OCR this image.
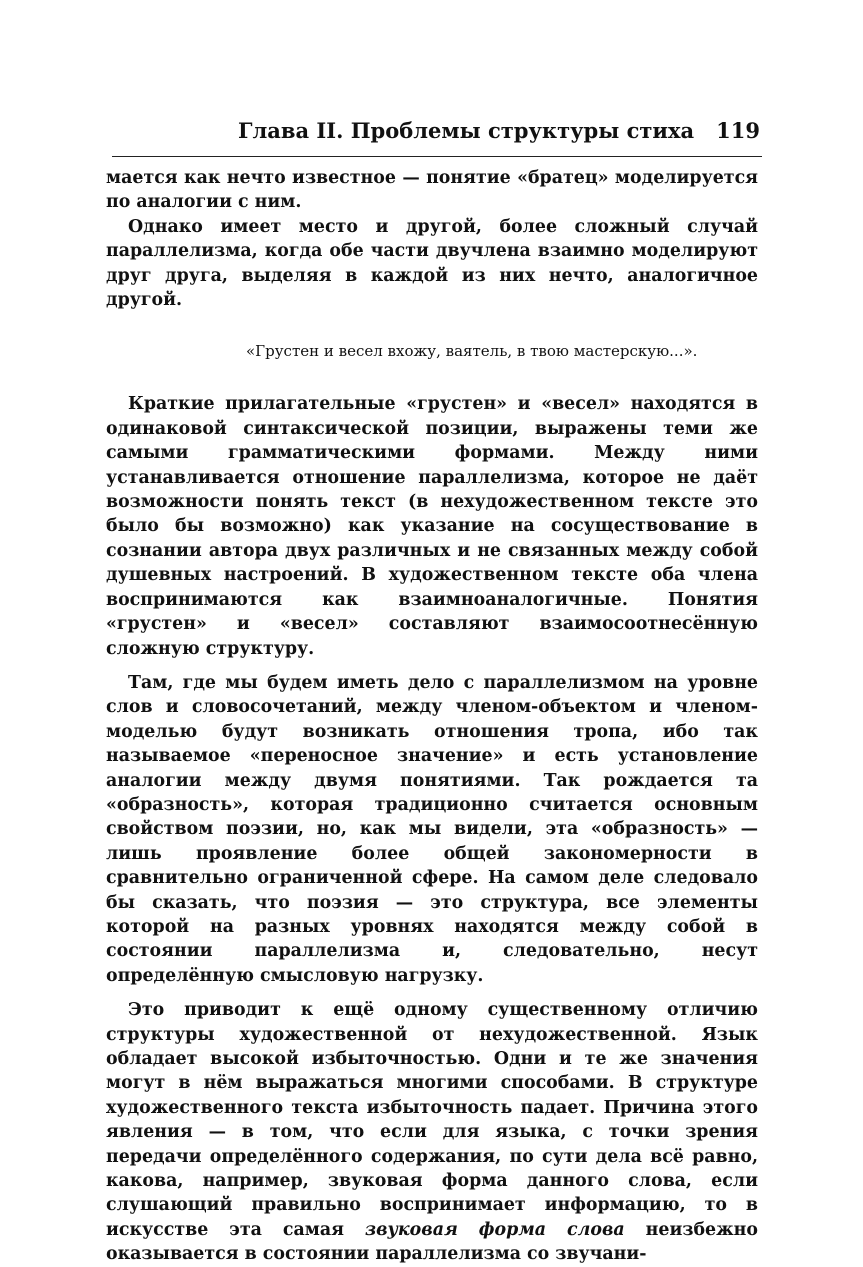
Глава II. Проблемы структуры стиха 119

мается как нечто известное — понятие «братец» моделируется по аналогии с ним.

Однако имеет место и другой, более сложный случай параллелизма, когда обе части двучлена взаимно моделируют друг друга, выделяя в каждой из них нечто, аналогичное другой.

«Грустен и весел вхожу, ваятель, в твою мастерскую...».

Краткие прилагательные «грустен» и «весел» находятся в одинаковой синтаксической позиции, выражены теми же самыми грамматическими формами. Между ними устанавливается отношение параллелизма, которое не даёт возможности понять текст (в нехудожественном тексте это было бы возможно) как указание на сосуществование в сознании автора двух различных и не связанных между собой душевных настроений. В художественном тексте оба члена воспринимаются как взаимноаналогичные. Понятия «грустен» и «весел» составляют взаимосоотнесённую сложную структуру.

Там, где мы будем иметь дело с параллелизмом на уровне слов и словосочетаний, между членом-объектом и членом-моделью будут возникать отношения тропа, ибо так называемое «переносное значение» и есть установление аналогии между двумя понятиями. Так рождается та «образность», которая традиционно считается основным свойством поэзии, но, как мы видели, эта «образность» — лишь проявление более общей закономерности в сравнительно ограниченной сфере. На самом деле следовало бы сказать, что поэзия — это структура, все элементы которой на разных уровнях находятся между собой в состоянии параллелизма и, следовательно, несут определённую смысловую нагрузку.

Это приводит к ещё одному существенному отличию структуры художественной от нехудожественной. Язык обладает высокой избыточностью. Одни и те же значения могут в нём выражаться многими способами. В структуре художественного текста избыточность падает. Причина этого явления — в том, что если для языка, с точки зрения передачи определённого содержания, по сути дела всё равно, какова, например, звуковая форма данного слова, если слушающий правильно воспринимает информацию, то в искусстве эта самая звуковая форма слова неизбежно оказывается в состоянии параллелизма со звучани-
